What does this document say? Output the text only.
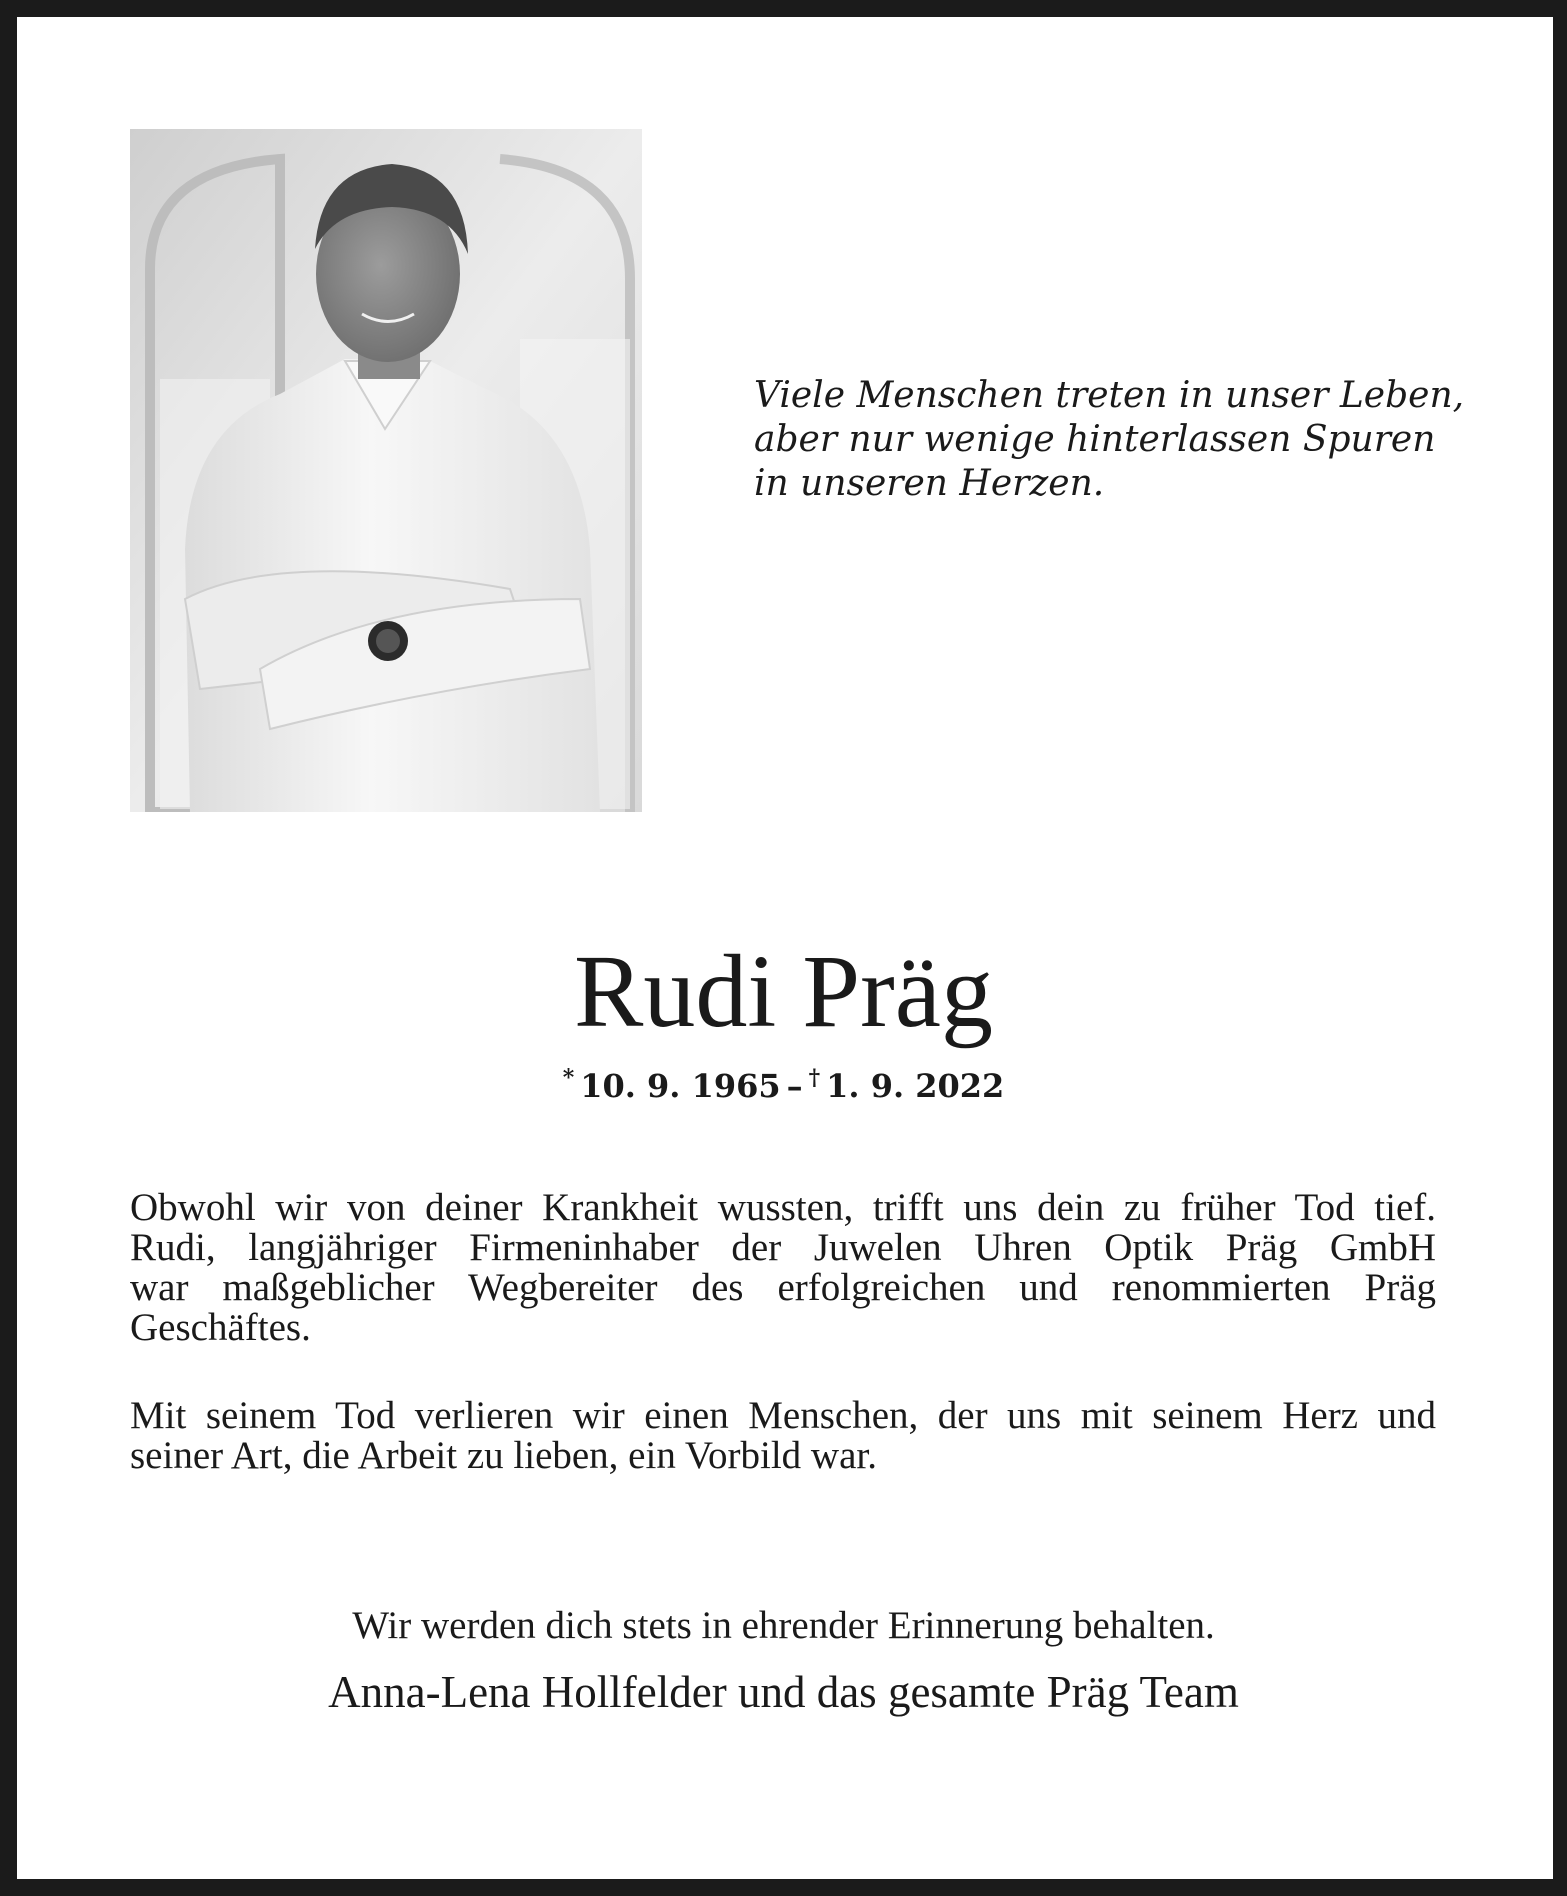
Viele Menschen treten in unser Leben,
aber nur wenige hinterlassen Spuren
in unseren Herzen.
Rudi Präg
* 10. 9. 1965 – † 1. 9. 2022
Obwohl wir von deiner Krankheit wussten, trifft uns dein zu früher Tod tief.
Rudi, langjähriger Firmeninhaber der Juwelen Uhren Optik Präg GmbH
war maßgeblicher Wegbereiter des erfolgreichen und renommierten Präg
Geschäftes.
Mit seinem Tod verlieren wir einen Menschen, der uns mit seinem Herz und
seiner Art, die Arbeit zu lieben, ein Vorbild war.
Wir werden dich stets in ehrender Erinnerung behalten.
Anna-Lena Hollfelder und das gesamte Präg Team
